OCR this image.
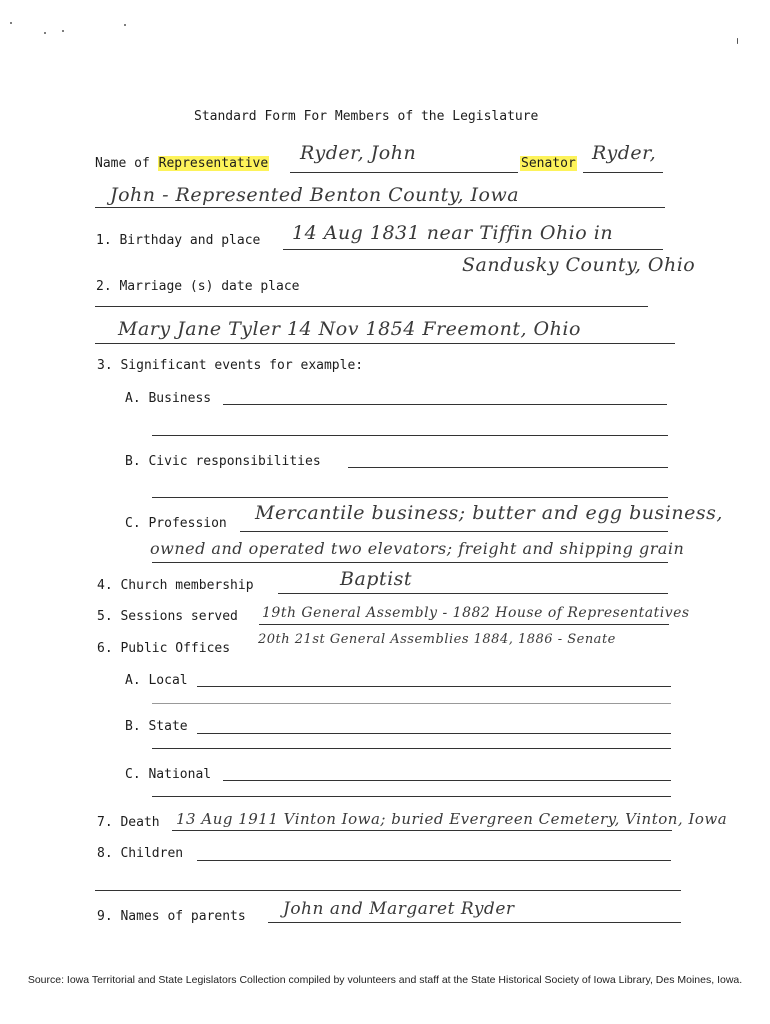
Standard Form For Members of the Legislature
Name of Representative Ryder, John	Senator Ryder,
John - Represented Benton County, Iowa
1. Birthday and place 14 Aug 1831 near Tiffin Ohio in
Sandusky County, Ohio
2. Marriage (s) date place
Mary Jane Tyler 14 Nov 1854 Freemont, Ohio
3. Significant events for example:
A. Business
B. Civic responsibilities
C. Profession Mercantile business; butter and egg business,
owned and operated two elevators; freight and shipping grain
4. Church membership	Baptist
5. Sessions served 19th General Assembly - 1882 House of Representatives
6. Public Offices
20th 21st General Assemblies 1884, 1886 - Senate
A. Local
B. State
C. National
7. Death 13 Aug 1911 Vinton Iowa; buried Evergreen Cemetery, Vinton, Iowa
8. Children
9. Names of parents John and Margaret Ryder
Source: Iowa Territorial and State Legislators Collection compiled by volunteers and staff at the State Historical Society of Iowa Library, Des Moines, Iowa.
